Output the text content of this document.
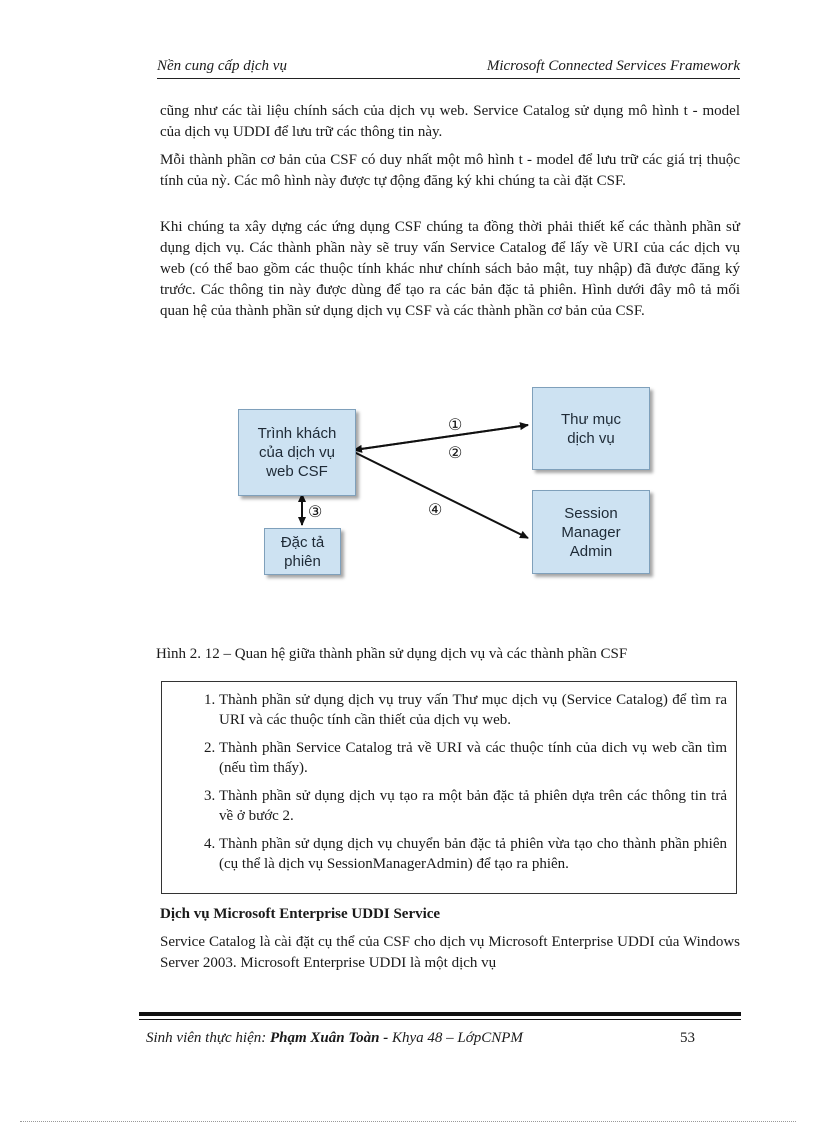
Nền cung cấp dịch vụ	Microsoft Connected Services Framework

cũng như các tài liệu chính sách của dịch vụ web. Service Catalog sử dụng mô hình t - model của dịch vụ UDDI để lưu trữ các thông tin này.

Mỗi thành phần cơ bản của CSF có duy nhất một mô hình t - model để lưu trữ các giá trị thuộc tính của nỳ. Các mô hình này được tự động đăng ký khi chúng ta cài đặt CSF.

Khi chúng ta xây dựng các ứng dụng CSF chúng ta đồng thời phải thiết kế các thành phần sử dụng dịch vụ. Các thành phần này sẽ truy vấn Service Catalog để lấy về URI của các dịch vụ web (có thể bao gồm các thuộc tính khác như chính sách bảo mật, tuy nhập) đã được đăng ký trước. Các thông tin này được dùng để tạo ra các bản đặc tả phiên. Hình dưới đây mô tả mối quan hệ của thành phần sử dụng dịch vụ CSF và các thành phần cơ bản của CSF.

①
②
③	④
Trình khách
của dịch vụ
web CSF
Thư mục
dịch vụ
Session
Manager
Admin
Đặc tả
phiên
Hình 2. 12 – Quan hệ giữa thành phần sử dụng dịch vụ và các thành phần CSF
1. Thành phần sử dụng dịch vụ truy vấn Thư mục dịch vụ (Service Catalog) để tìm ra URI và các thuộc tính cần thiết của dịch vụ web.
2. Thành phần Service Catalog trả về URI và các thuộc tính của dich vụ web cần tìm (nếu tìm thấy).
3. Thành phần sử dụng dịch vụ tạo ra một bản đặc tả phiên dựa trên các thông tin trả về ở bước 2.
4. Thành phần sử dụng dịch vụ chuyển bản đặc tả phiên vừa tạo cho thành phần phiên (cụ thể là dịch vụ SessionManagerAdmin) để tạo ra phiên.

Dịch vụ Microsoft Enterprise UDDI Service

Service Catalog là cài đặt cụ thể của CSF cho dịch vụ Microsoft Enterprise UDDI của Windows Server 2003. Microsoft Enterprise UDDI là một dịch vụ

Sinh viên thực hiện: Phạm Xuân Toàn - Khya 48 – LớpCNPM	53
